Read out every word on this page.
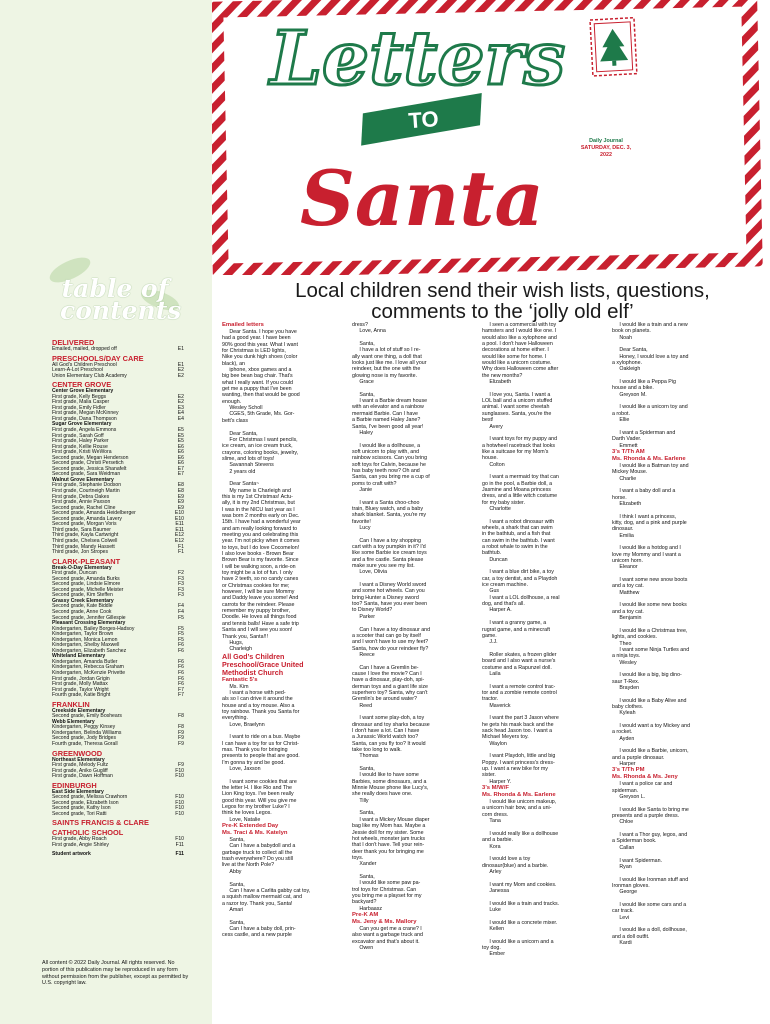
table of
contents
DELIVERED
Emailed, mailed, dropped off	E1
PRESCHOOLS/DAY CARE
All God’s Children Preschool	E1
Learn-A-Lot Preschool	E2
Union Elementary Club Academy	E2
CENTER GROVE
Center Grove Elementary
First grade, Kelly Beggs	E2
First grade, Malia Casper	E2
First grade, Emily Fidler	E3
First grade, Megan McKinney	E4
First grade, Dana Thompson	E4
Sugar Grove Elementary
First grade, Angela Emmons	E5
First grade, Sarah Goff	E5
First grade, Haley Parker	E5
First grade, Kellie Rouse	E6
First grade, Kristi WeWora	E6
Second grade, Megan Henderson	E6
Second grade, Christi Persetich	E6
Second grade, Jessica Shanafelt	E7
Second grade, Sara Weidman	E7
Walnut Grove Elementary
First grade, Stephanie Dodson	E8
First grade, Courtneigh Martin	E8
First grade, Debra Oakes	E9
First grade, Annie Paxson	E9
Second grade, Rachel Cline	E9
Second grade, Amanda Heidelberger	E10
Second grade, Amanda Lavery	E10
Second grade, Morgan Voris	E11
Third grade, Sara Baumer	E11
Third grade, Kayla Cartwright	E12
Third grade, Chelsea Colwell	E12
Third grade, Mandy Hassett	F1
Third grade, Jon Stropes	F1
CLARK-PLEASANT
Break-O-Day Elementary
First grade, Duncan	F2
Second grade, Amanda Burks	F3
Second grade, Lindsie Elmore	F3
Second grade, Michelle Meister	F3
Second grade, Kim Steffen	F3
Grassy Creek Elementary
Second grade, Kate Biddle	F4
Second grade, Anne Cook	F4
Second grade, Jennifer Gillespie	F5
Pleasant Crossing Elementary
Kindergarten, Bailey Borges-Hadsoy	F5
Kindergarten, Taylor Brown	F5
Kindergarten, Monica Lemon	F5
Kindergarten, Shelby Maxwell	F6
Kindergarten, Elizabeth Sanchez	F6
Whiteland Elementary
Kindergarten, Amanda Butler	F6
Kindergarten, Rebecca Graham	F6
Kindergarten, McKenzie Privette	F6
First grade, Jordan Grigin	F6
First grade, Molly Mattax	F6
First grade, Taylor Wright	F7
Fourth grade, Katie Bright	F7
FRANKLIN
Creekside Elementary
Second grade, Emily Boshears	F8
Webb Elementary
Kindergarten, Peggy Kinsey	F8
Kindergarten, Belinda Williams	F9
Second grade, Jody Bridges	F9
Fourth grade, Theresa Gorall	F9
GREENWOOD
Northeast Elementary
First grade, Melody Fultz	F9
First grade, Aniko Gugliff	F10
First grade, Dawn Hoffman	F10
EDINBURGH
East Side Elementary
Second grade, Melissa Crawhorn	F10
Second grade, Elizabeth Ison	F10
Second grade, Kathy Ison	F10
Second grade, Tori Ratti	F10
SAINTS FRANCIS & CLARE
CATHOLIC SCHOOL
First grade, Abby Roach	F10
First grade, Angie Shirley	F11
Student artwork	F11
All content © 2022 Daily Journal. All rights reserved. No portion of this publication may be reproduced in any form without permission from the publisher, except as permitted by U.S. copyright law.
Letters
TO
Santa
Daily Journal
SATURDAY, DEC. 3,
2022
Local children send their wish lists, questions, comments to the ‘jolly old elf’
Emailed letters
Dear Santa. I hope you have
had a good year. I have been
90% good this year. What I want
for Christmas is LED lights,
Nike you dunk high shoes (color
black), an
iphone, xbox games and a
big bee bean bag chair. That's
what I really want. If you could
get me a puppy that I've been
wanting, then that would be good
enough.
Wesley Scholl
CGES, 5th Grade, Ms. Gor-
bett's class

Dear Santa,
For Christmas I want pencils,
ice cream, an ice cream truck,
crayons, coloring books, jewelry,
slime, and lots of toys!
Savannah Stevens
2 years old

Dear Santa~
My name is Charleigh and
this is my 1st Christmas! Actu-
ally, it is my 2nd Christmas, but
I was in the NICU last year as I
was born 2 months early on Dec.
15th. I have had a wonderful year
and am really looking forward to
meeting you and celebrating this
year. I'm not picky when it comes
to toys, but I do love Cocomelon!
I also love books - Brown Bear
Brown Bear is my favorite. Since
I will be walking soon, a ride-on
toy might be a lot of fun. I only
have 2 teeth, so no candy canes
or Christmas cookies for me;
however, I will be sure Mommy
and Daddy leave you some! And
carrots for the reindeer. Please
remember my puppy brother,
Doodle. He loves all things food
and tennis balls! Have a safe trip
Santa and I will see you soon!
Thank you, Santa!!!
Hugs,
Charleigh

All God’s Children
Preschool/Grace United
Methodist Church

Fantastic 5’s
Ms. Kim
I want a horse with ped-
als so I can drive it around the
house and a toy mouse. Also a
toy rainbow. Thank you Santa for
everything.
Love, Braelynn

I want to ride on a bus. Maybe
I can have a toy for us for Christ-
mas. Thank you for bringing
presents to people that are good.
I'm gonna try and be good.
Love, Jaxson

I want some cookies that are
the letter H. I like Rio and The
Lion King toys. I've been really
good this year. Will you give me
Legos for my brother Luke? I
think he loves Legos.
Love, Natalie

Pre-K Extended Day
Ms. Traci & Ms. Katelyn
Santa,
Can I have a babydoll and a
garbage truck to collect all the
trash everywhere? Do you still
live at the North Pole?
Abby

Santa,
Can I have a Carlita gabby cat toy,
a squish mallow mermaid cat, and
a razor toy. Thank you, Santa!
Amari

Santa,
Can I have a baby doll, prin-
cess castle, and a new purple
dress?
Love, Anna

Santa,
I have a lot of stuff so I re-
ally want one thing, a doll that
looks just like me. I love all your
reindeer, but the one with the
glowing nose is my favorite.
Grace

Santa,
I want a Barbie dream house
with an elevator and a rainbow
mermaid Barbie. Can I have
a Barbie named Haley Jane?
Santa, I've been good all year!
Haley

I would like a dollhouse, a
soft unicorn to play with, and
rainbow scissors. Can you bring
soft toys for Calvin, because he
has baby teeth now? Oh and
Santa, can you bring me a cup of
poms to craft with?
Janie

I want a Santa choo-choo
train, Bluey watch, and a baby
shark blanket. Santa, you're my
favorite!
Lucy

Can I have a toy shopping
cart with a toy pumpkin in it? I'd
like some Barbie ice cream toys
and a fire castle. Santa please
make sure you see my list.
Love, Olivia

I want a Disney World sword
and some hot wheels. Can you
bring Hunter a Disney sword
too? Santa, have you ever been
to Disney World?
Parker

Can I have a toy dinosaur and
a scooter that can go by itself
and I won't have to use my feet?
Santa, how do your reindeer fly?
Reece

Can I have a Gremlin be-
cause I love the movie? Can I
have a dinosaur, play-doh, spi-
derman toys and a giant life size
superhero toy? Santa, why can't
Gremlin's be around water?
Reed

I want some play-doh, a toy
dinosaur and toy sharks because
I don't have a lot. Can I have
a Jurassic World watch too?
Santa, can you fly too? It would
take too long to walk.
Thomas

Santa,
I would like to have some
Barbies, some dinosaurs, and a
Minnie Mouse phone like Lucy's,
she really does have one.
Tilly

Santa,
I want a Mickey Mouse diaper
bag like my Mom has. Maybe a
Jessie doll for my sister. Some
hot wheels, monster jam trucks
that I don't have. Tell your rein-
deer thank you for bringing me
toys.
Xander

Santa,
I would like some paw pa-
trol toys for Christmas. Can
you bring me a playset for my
backyard?
Harbaasz

Pre-K AM
Ms. Jeny & Ms. Mallory
Can you get me a crane? I
also want a garbage truck and
excavator and that's about it.
Owen
I seen a commercial with toy
hamsters and I would like one. I
would also like a xylophone and
a pool. I don't have Halloween
decorations at home either. I
would like some for home. I
would like a unicorn costume.
Why does Halloween come after
the new months?
Elizabeth

I love you, Santa. I want a
LOL ball and a unicorn stuffed
animal. I want some cheetah
sunglasses. Santa, you're the
best!
Avery

I want toys for my puppy and
a hotwheel racetrack that looks
like a suitcase for my Mom's
house.
Colton

I want a mermaid toy that can
go in the pool, a Barbie doll, a
Jasmine and Moana princess
dress, and a little witch costume
for my baby sister.
Charlotte

I want a robot dinosaur with
wheels, a shark that can swim
in the bathtub, and a fish that
can swim in the bathtub. I want
a robot whale to swim in the
bathtub.
Duncan

I want a blue dirt bike, a toy
car, a toy dentist, and a Playdoh
ice cream machine.
Gus
I want a LOL dollhouse, a real
dog, and that's all.
Harper A.

I want a granny game, a
rugrat game, and a minecraft
game.
J.J.

Roller skates, a frozen glider
board and I also want a nurse's
costume and a Rapunzel doll.
Laila

I want a remote control trac-
tor and a zombie remote control
tractor.
Maverick

I want the part 3 Jason where
he gets his mask back and the
sack head Jason too. I want a
Michael Meyers toy.
Waylon

I want Playdoh, little and big
Poppy. I want princess's dress-
up. I want a new bike for my
sister.
Harper Y.

3’s M/W/F
Ms. Rhonda & Ms. Earlene
I would like unicorn makeup,
a unicorn hair bow, and a uni-
corn dress.
Tana

I would really like a dollhouse
and a barbie.
Kora

I would love a toy
dinosaur(blue) and a barbie.
Arley

I want my Mom and cookies.
Janessa

I would like a train and tracks.
Luke

I would like a concrete mixer.
Kellen

I would like a unicorn and a
toy dog.
Ember
I would like a train and a new
book on planets.
Noah

Dear Santa,
Honey, I would love a toy and
a xylophone.
Oakleigh

I would like a Peppa Pig
house and a bike.
Greyson M.

I would like a unicorn toy and
a robot.
Ellie

I want a Spiderman and
Darth Vader.
Emmett

3’s T/Th AM
Ms. Rhonda & Ms. Earlene
I would like a Batman toy and
Mickey Mouse.
Charlie

I want a baby doll and a
horse.
Elizabeth

I think I want a princess,
kitty, dog, and a pink and purple
dinosaur.
Emilia

I would like a hotdog and I
love my Mommy and I want a
unicorn horn.
Eleanor

I want some new snow boots
and a toy cat.
Matthew

I would like some new books
and a toy cat.
Benjamin

I would like a Christmas tree,
lights, and cookies.
Theo
I want some Ninja Turtles and
a ninja toys.
Wesley

I would like a big, big dino-
saur T-Rex.
Brayden

I would like a Baby Alive and
baby clothes.
Kyleah

I would want a toy Mickey and
a rocket.
Ayden

I would like a Barbie, unicorn,
and a purple dinosaur.
Harper

3’s T/Th PM
Ms. Rhonda & Ms. Jeny
I want a police car and
spiderman.
Greyson L.

I would like Santa to bring me
presents and a purple dress.
Chloe

I want a Thor guy, legos, and
a Spiderman book.
Callan

I want Spiderman.
Ryan

I would like Ironman stuff and
Ironman gloves.
George

I would like some cars and a
car track.
Levi

I would like a doll, dollhouse,
and a doll outfit.
Kardi
